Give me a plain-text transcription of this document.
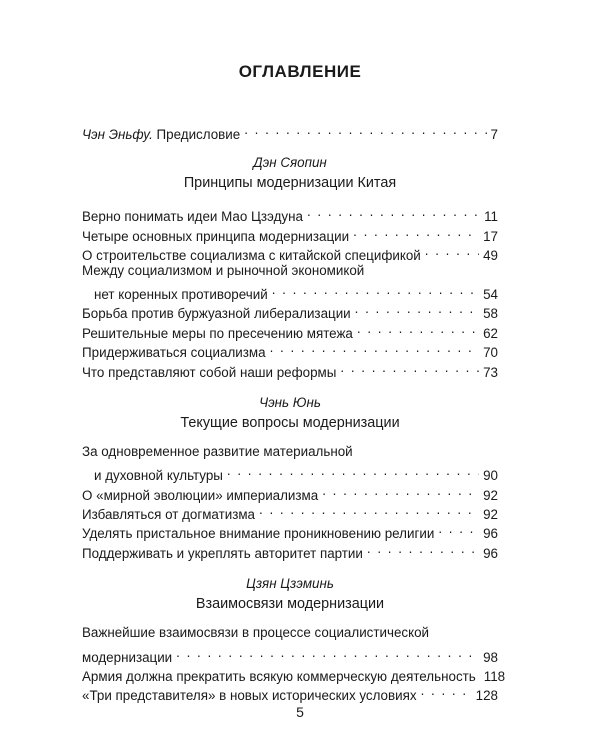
ОГЛАВЛЕНИЕ
Чэн Эньфу. Предисловие . . .	7
Дэн Сяопин
Принципы модернизации Китая
Верно понимать идеи Мао Цзэдуна . . .	11
Четыре основных принципа модернизации . . .	17
О строительстве социализма с китайской спецификой . . .	49
Между социализмом и рыночной экономикой
нет коренных противоречий . . .	54
Борьба против буржуазной либерализации . . .	58
Решительные меры по пресечению мятежа . . .	62
Придерживаться социализма . . .	70
Что представляют собой наши реформы . . .	73
Чэнь Юнь
Текущие вопросы модернизации
За одновременное развитие материальной
и духовной культуры . . .	90
О «мирной эволюции» империализма . . .	92
Избавляться от догматизма . . .	92
Уделять пристальное внимание проникновению религии . . .	96
Поддерживать и укреплять авторитет партии . . .	96
Цзян Цзэминь
Взаимосвязи модернизации
Важнейшие взаимосвязи в процессе социалистической
модернизации . . .	98
Армия должна прекратить всякую коммерческую деятельность 118
«Три представителя» в новых исторических условиях . . .	128
5
